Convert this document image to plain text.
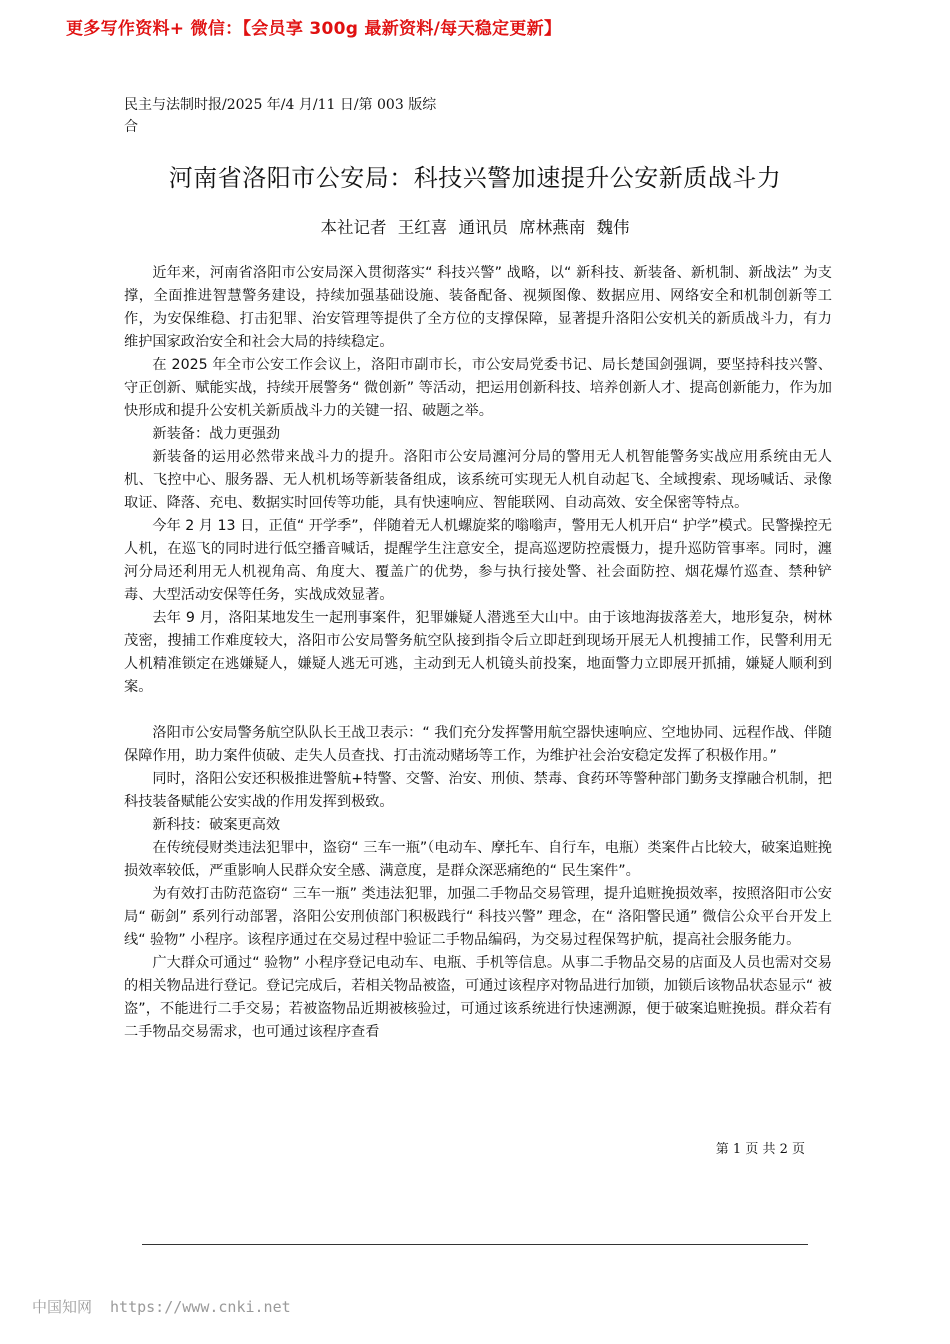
更多写作资料+ 微信：【会员享 300g 最新资料/每天稳定更新】
民主与法制时报/2025 年/4 月/11 日/第 003 版综合
河南省洛阳市公安局：科技兴警加速提升公安新质战斗力
本社记者 王红喜 通讯员 席林燕南 魏伟

近年来，河南省洛阳市公安局深入贯彻落实“ 科技兴警” 战略，以“ 新科技、新装备、新机制、新战法” 为支撑，全面推进智慧警务建设，持续加强基础设施、装备配备、视频图像、数据应用、网络安全和机制创新等工作，为安保维稳、打击犯罪、治安管理等提供了全方位的支撑保障，显著提升洛阳公安机关的新质战斗力，有力维护国家政治安全和社会大局的持续稳定。

在 2025 年全市公安工作会议上，洛阳市副市长，市公安局党委书记、局长楚国剑强调，要坚持科技兴警、守正创新、赋能实战，持续开展警务“ 微创新” 等活动，把运用创新科技、培养创新人才、提高创新能力，作为加快形成和提升公安机关新质战斗力的关键一招、破题之举。

新装备：战力更强劲

新装备的运用必然带来战斗力的提升。洛阳市公安局瀍河分局的警用无人机智能警务实战应用系统由无人机、飞控中心、服务器、无人机机场等新装备组成，该系统可实现无人机自动起飞、全域搜索、现场喊话、录像取证、降落、充电、数据实时回传等功能，具有快速响应、智能联网、自动高效、安全保密等特点。

今年 2 月 13 日，正值“ 开学季”，伴随着无人机螺旋桨的嗡嗡声，警用无人机开启“ 护学”模式。民警操控无人机，在巡飞的同时进行低空播音喊话，提醒学生注意安全，提高巡逻防控震慑力，提升巡防管事率。同时，瀍河分局还利用无人机视角高、角度大、覆盖广的优势，参与执行接处警、社会面防控、烟花爆竹巡查、禁种铲毒、大型活动安保等任务，实战成效显著。

去年 9 月，洛阳某地发生一起刑事案件，犯罪嫌疑人潜逃至大山中。由于该地海拔落差大，地形复杂，树林茂密，搜捕工作难度较大，洛阳市公安局警务航空队接到指令后立即赶到现场开展无人机搜捕工作，民警利用无人机精准锁定在逃嫌疑人，嫌疑人逃无可逃，主动到无人机镜头前投案，地面警力立即展开抓捕，嫌疑人顺利到案。

洛阳市公安局警务航空队队长王战卫表示：“ 我们充分发挥警用航空器快速响应、空地协同、远程作战、伴随保障作用，助力案件侦破、走失人员查找、打击流动赌场等工作，为维护社会治安稳定发挥了积极作用。”

同时，洛阳公安还积极推进警航+特警、交警、治安、刑侦、禁毒、食药环等警种部门勤务支撑融合机制，把科技装备赋能公安实战的作用发挥到极致。

新科技：破案更高效

在传统侵财类违法犯罪中，盗窃“ 三车一瓶”（电动车、摩托车、自行车，电瓶）类案件占比较大，破案追赃挽损效率较低，严重影响人民群众安全感、满意度，是群众深恶痛绝的“ 民生案件”。

为有效打击防范盗窃“ 三车一瓶” 类违法犯罪，加强二手物品交易管理，提升追赃挽损效率，按照洛阳市公安局“ 砺剑” 系列行动部署，洛阳公安刑侦部门积极践行“ 科技兴警” 理念，在“ 洛阳警民通” 微信公众平台开发上线“ 验物” 小程序。该程序通过在交易过程中验证二手物品编码，为交易过程保驾护航，提高社会服务能力。

广大群众可通过“ 验物” 小程序登记电动车、电瓶、手机等信息。从事二手物品交易的店面及人员也需对交易的相关物品进行登记。登记完成后，若相关物品被盗，可通过该程序对物品进行加锁，加锁后该物品状态显示“ 被盗”，不能进行二手交易；若被盗物品近期被核验过，可通过该系统进行快速溯源，便于破案追赃挽损。群众若有二手物品交易需求，也可通过该程序查看

第 1 页 共 2 页
中国知网 https://www.cnki.net
